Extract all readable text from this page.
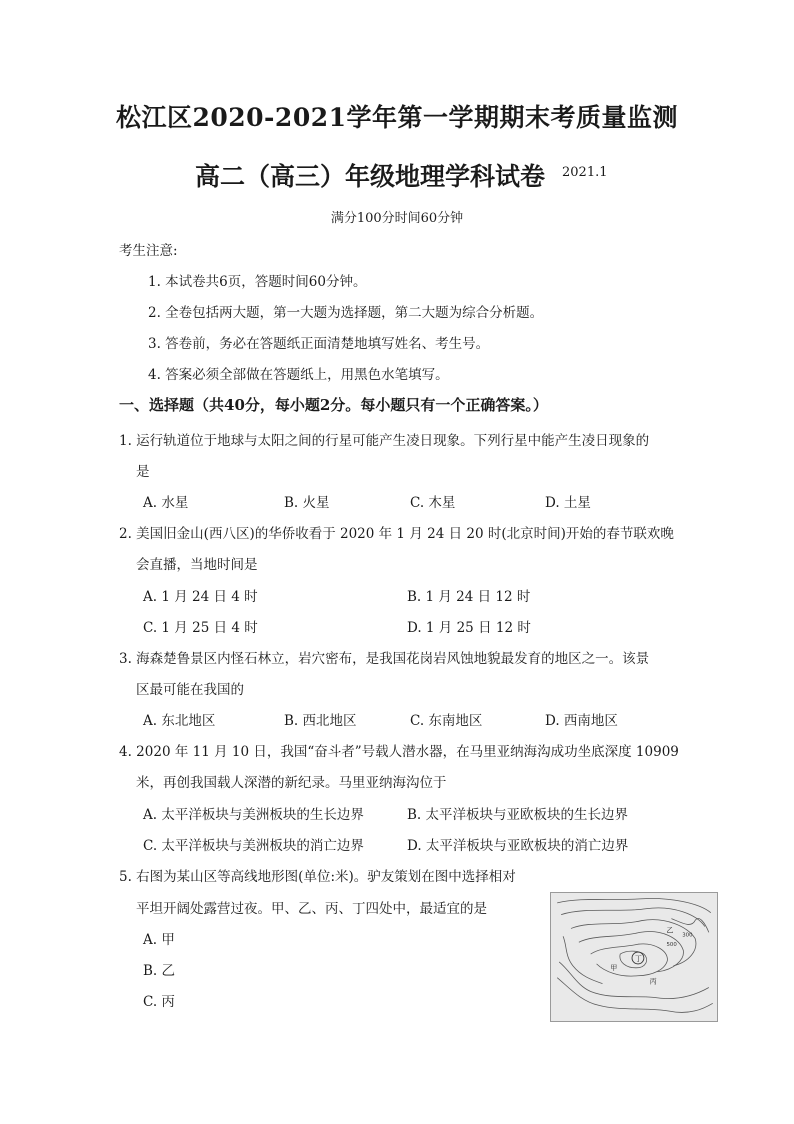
松江区2020-2021学年第一学期期末考质量监测
高二（高三）年级地理学科试卷 2021.1
满分100分时间60分钟
考生注意:
1. 本试卷共6页，答题时间60分钟。
2. 全卷包括两大题，第一大题为选择题，第二大题为综合分析题。
3. 答卷前，务必在答题纸正面清楚地填写姓名、考生号。
4. 答案必须全部做在答题纸上，用黑色水笔填写。
一、选择题（共40分，每小题2分。每小题只有一个正确答案。）
1. 运行轨道位于地球与太阳之间的行星可能产生凌日现象。下列行星中能产生凌日现象的
是
A. 水星	B. 火星	C. 木星	D. 土星
2. 美国旧金山(西八区)的华侨收看于 2020 年 1 月 24 日 20 时(北京时间)开始的春节联欢晚
会直播，当地时间是
A. 1 月 24 日 4 时	B. 1 月 24 日 12 时
C. 1 月 25 日 4 时	D. 1 月 25 日 12 时
3. 海森楚鲁景区内怪石林立，岩穴密布，是我国花岗岩风蚀地貌最发育的地区之一。该景
区最可能在我国的
A. 东北地区	B. 西北地区	C. 东南地区	D. 西南地区
4. 2020 年 11 月 10 日，我国“奋斗者”号载人潜水器，在马里亚纳海沟成功坐底深度 10909
米，再创我国载人深潜的新纪录。马里亚纳海沟位于
A. 太平洋板块与美洲板块的生长边界	B. 太平洋板块与亚欧板块的生长边界
C. 太平洋板块与美洲板块的消亡边界	D. 太平洋板块与亚欧板块的消亡边界
5. 右图为某山区等高线地形图(单位:米)。驴友策划在图中选择相对
平坦开阔处露营过夜。甲、乙、丙、丁四处中，最适宜的是
A. 甲
B. 乙
C. 丙
丁
乙
甲
丙
300
500
